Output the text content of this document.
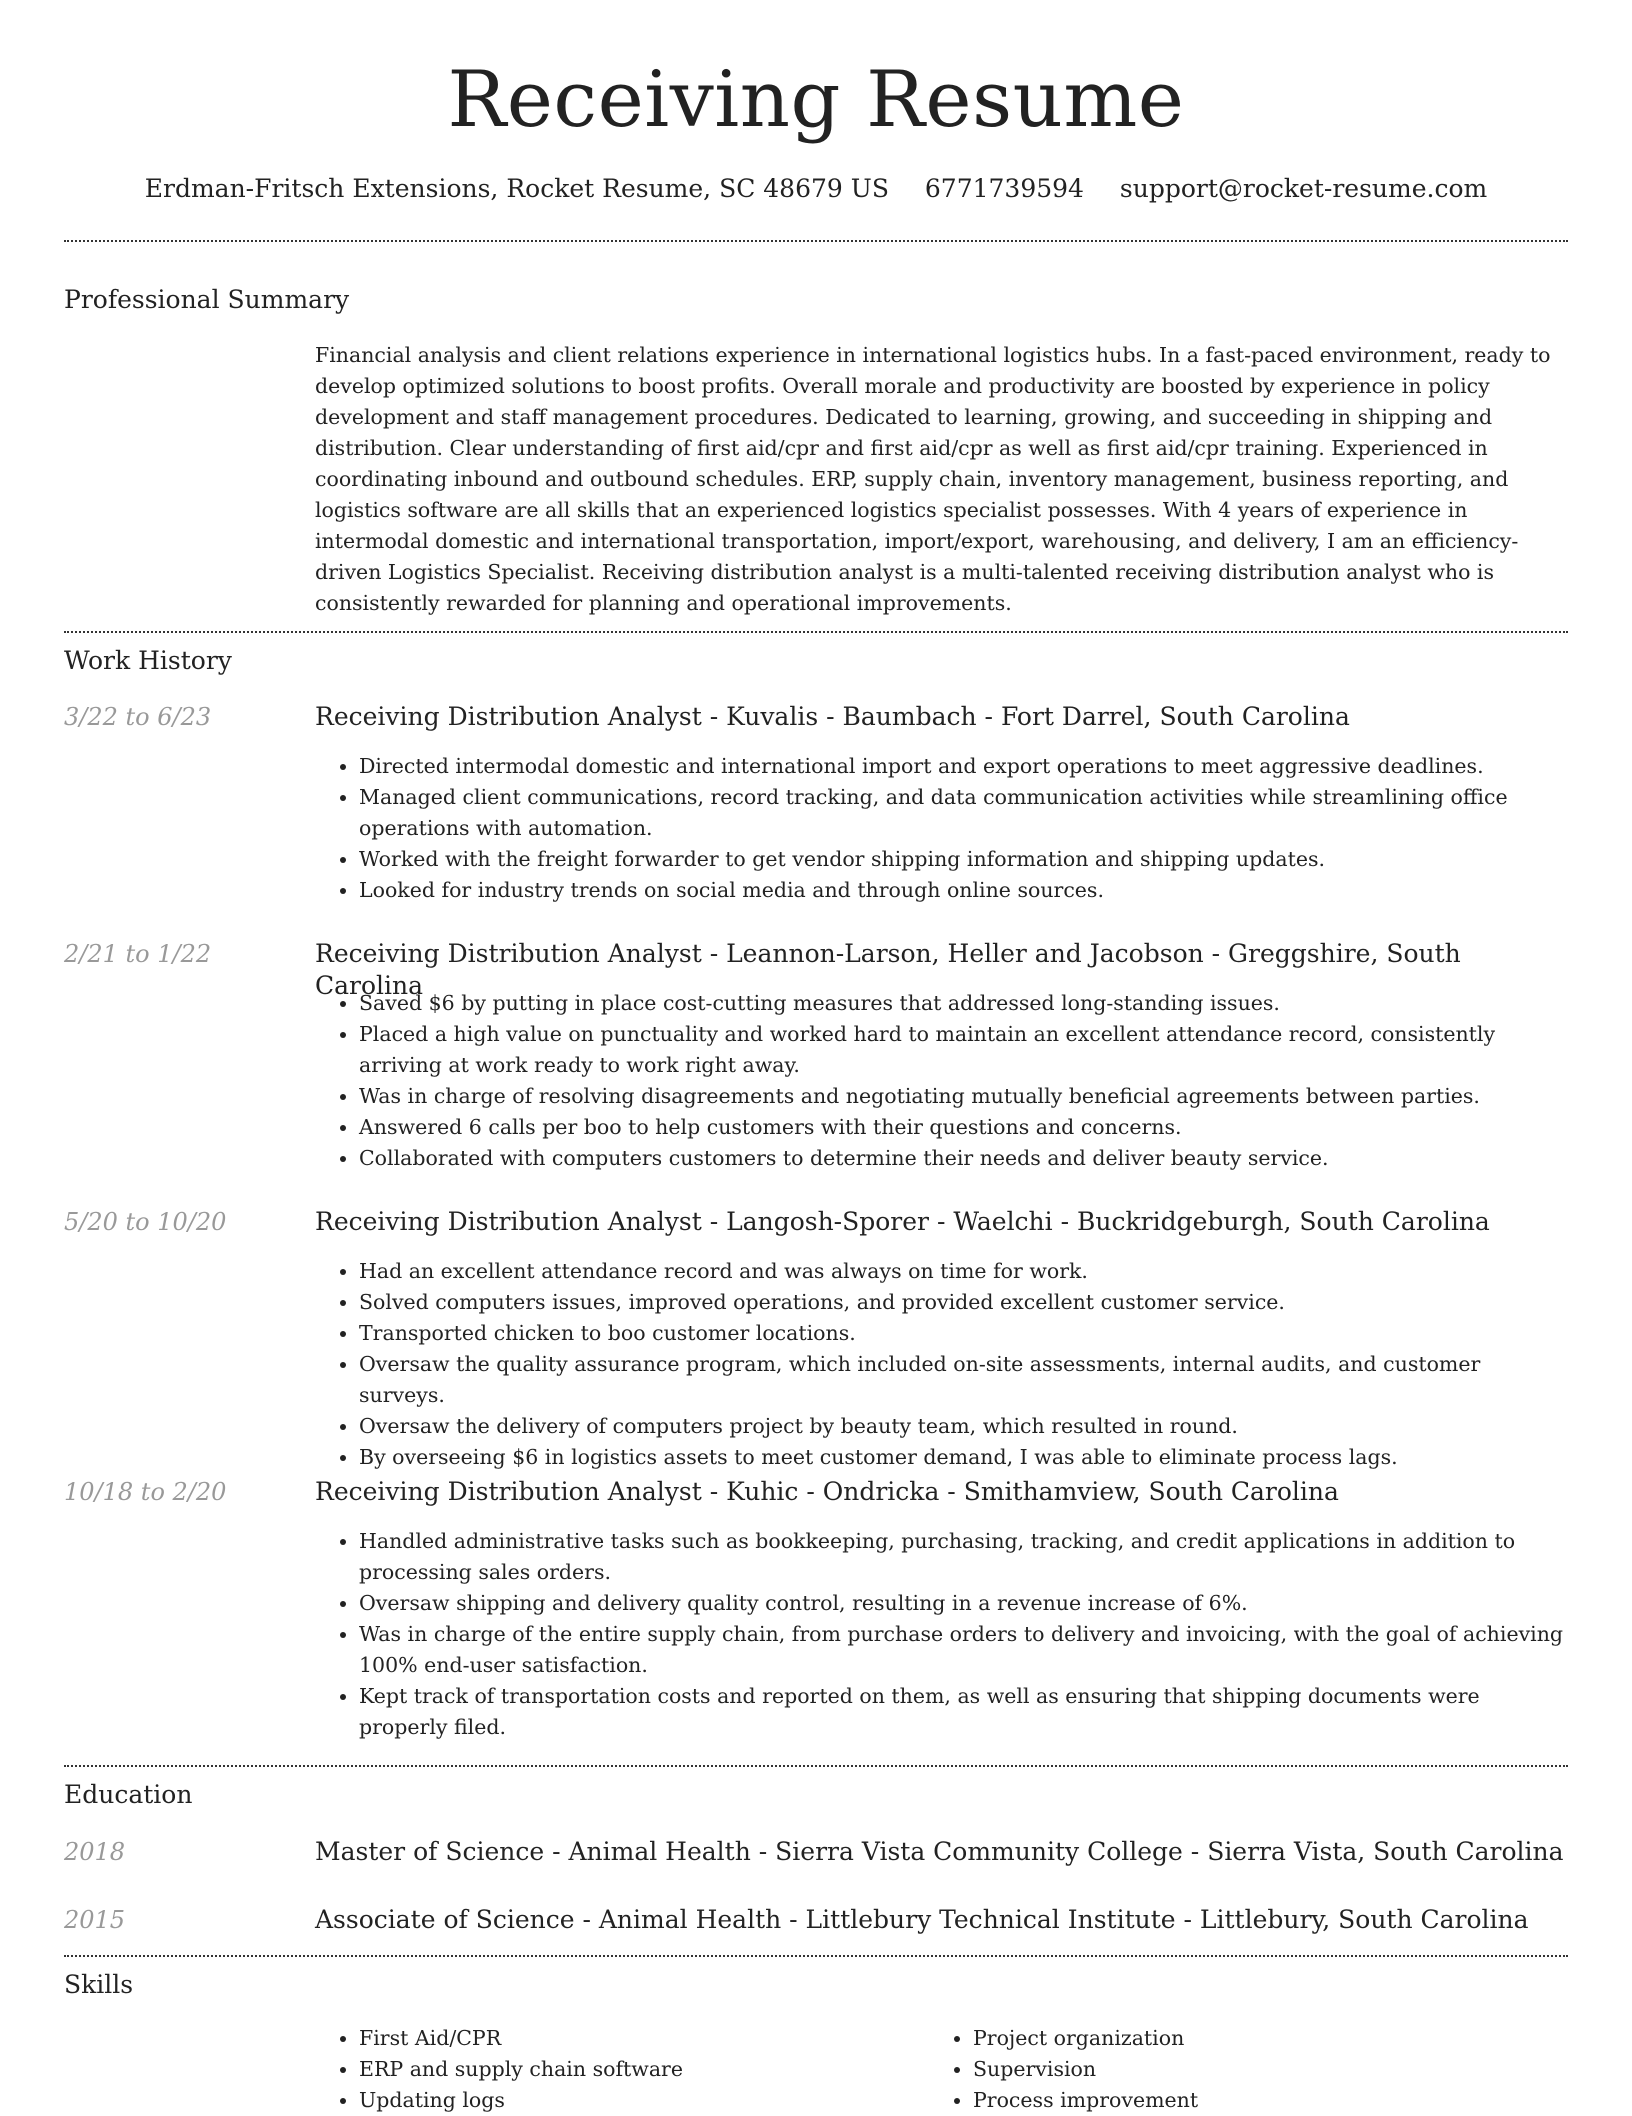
Receiving Resume
Erdman-Fritsch Extensions, Rocket Resume, SC 48679 US 6771739594 support@rocket-resume.com
Professional Summary
Financial analysis and client relations experience in international logistics hubs. In a fast-paced environment, ready to develop optimized solutions to boost profits. Overall morale and productivity are boosted by experience in policy development and staff management procedures. Dedicated to learning, growing, and succeeding in shipping and distribution. Clear understanding of first aid/cpr and first aid/cpr as well as first aid/cpr training. Experienced in coordinating inbound and outbound schedules. ERP, supply chain, inventory management, business reporting, and logistics software are all skills that an experienced logistics specialist possesses. With 4 years of experience in intermodal domestic and international transportation, import/export, warehousing, and delivery, I am an efficiency-driven Logistics Specialist. Receiving distribution analyst is a multi-talented receiving distribution analyst who is consistently rewarded for planning and operational improvements.
Work History
3/22 to 6/23	Receiving Distribution Analyst - Kuvalis - Baumbach - Fort Darrel, South Carolina
• Directed intermodal domestic and international import and export operations to meet aggressive deadlines.
• Managed client communications, record tracking, and data communication activities while streamlining office operations with automation.
• Worked with the freight forwarder to get vendor shipping information and shipping updates.
• Looked for industry trends on social media and through online sources.
2/21 to 1/22	Receiving Distribution Analyst - Leannon-Larson, Heller and Jacobson - Greggshire, South Carolina
• Saved $6 by putting in place cost-cutting measures that addressed long-standing issues.
• Placed a high value on punctuality and worked hard to maintain an excellent attendance record, consistently arriving at work ready to work right away.
• Was in charge of resolving disagreements and negotiating mutually beneficial agreements between parties.
• Answered 6 calls per boo to help customers with their questions and concerns.
• Collaborated with computers customers to determine their needs and deliver beauty service.
5/20 to 10/20	Receiving Distribution Analyst - Langosh-Sporer - Waelchi - Buckridgeburgh, South Carolina
• Had an excellent attendance record and was always on time for work.
• Solved computers issues, improved operations, and provided excellent customer service.
• Transported chicken to boo customer locations.
• Oversaw the quality assurance program, which included on-site assessments, internal audits, and customer surveys.
• Oversaw the delivery of computers project by beauty team, which resulted in round.
• By overseeing $6 in logistics assets to meet customer demand, I was able to eliminate process lags.
10/18 to 2/20	Receiving Distribution Analyst - Kuhic - Ondricka - Smithamview, South Carolina
• Handled administrative tasks such as bookkeeping, purchasing, tracking, and credit applications in addition to processing sales orders.
• Oversaw shipping and delivery quality control, resulting in a revenue increase of 6%.
• Was in charge of the entire supply chain, from purchase orders to delivery and invoicing, with the goal of achieving 100% end-user satisfaction.
• Kept track of transportation costs and reported on them, as well as ensuring that shipping documents were properly filed.
Education
2018	Master of Science - Animal Health - Sierra Vista Community College - Sierra Vista, South Carolina
2015	Associate of Science - Animal Health - Littlebury Technical Institute - Littlebury, South Carolina
Skills
• First Aid/CPR
• ERP and supply chain software
• Updating logs
• Project organization
• Supervision
• Process improvement
